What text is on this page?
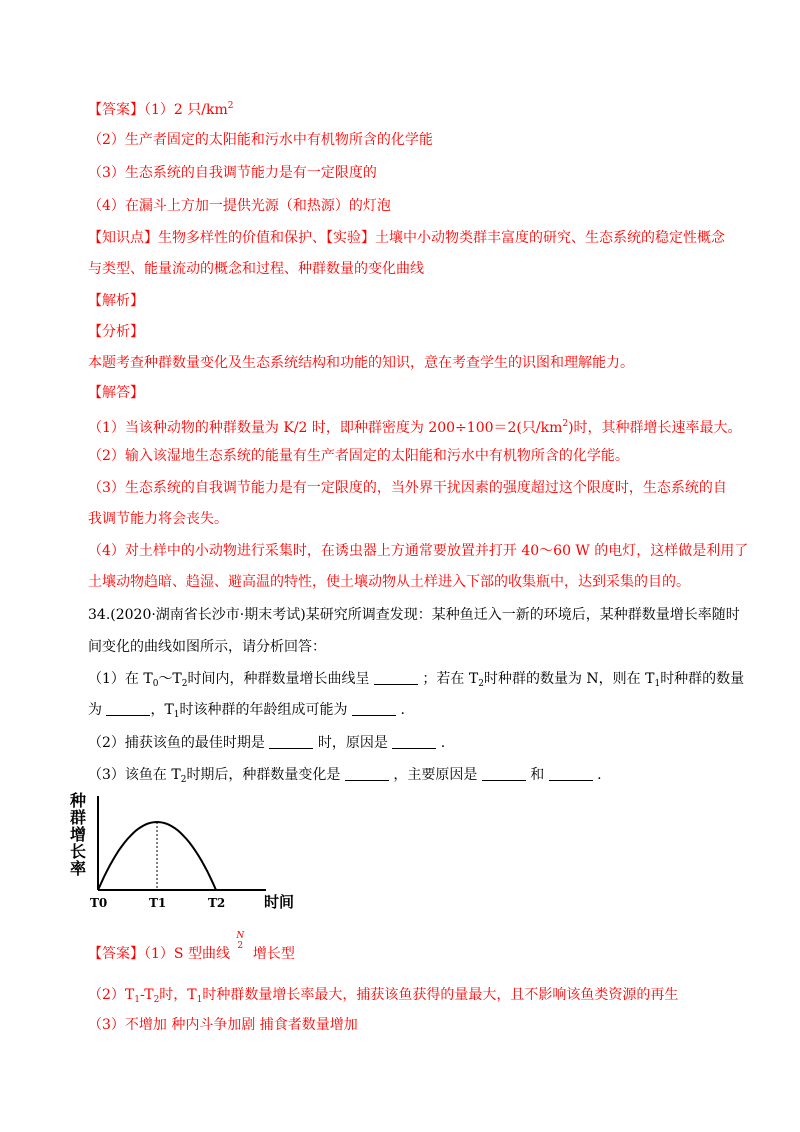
【答案】（1）2 只$/km^2$
（2）生产者固定的太阳能和污水中有机物所含的化学能
（3）生态系统的自我调节能力是有一定限度的
（4）在漏斗上方加一提供光源（和热源）的灯泡
【知识点】生物多样性的价值和保护、【实验】土壤中小动物类群丰富度的研究、生态系统的稳定性概念
与类型、能量流动的概念和过程、种群数量的变化曲线
【解析】
【分析】
本题考查种群数量变化及生态系统结构和功能的知识，意在考查学生的识图和理解能力。
【解答】
（1）当该种动物的种群数量为 K/2 时，即种群密度为 200÷100＝2(只$/km^2$)时，其种群增长速率最大。
（2）输入该湿地生态系统的能量有生产者固定的太阳能和污水中有机物所含的化学能。
（3）生态系统的自我调节能力是有一定限度的，当外界干扰因素的强度超过这个限度时，生态系统的自
我调节能力将会丧失。
（4）对土样中的小动物进行采集时，在诱虫器上方通常要放置并打开 40～60 W 的电灯，这样做是利用了
土壤动物趋暗、趋湿、避高温的特性，使土壤动物从土样进入下部的收集瓶中，达到采集的目的。
34.(2020·湖南省长沙市·期末考试)某研究所调查发现：某种鱼迁入一新的环境后，某种群数量增长率随时
间变化的曲线如图所示，请分析回答：
（1）在 $T_0\sim T_2$时间内，种群数量增长曲线呈	；若在 $T_2$时种群的数量为 N，则在 $T_1$时种群的数量
为	，$T_1$时该种群的年龄组成可能为	.
（2）捕获该鱼的最佳时期是	时，原因是	.
（3）该鱼在 $T_2$时期后，种群数量变化是	，主要原因是	和	.
种
群
增
长
率
T0	T1	T2	时间
【答案】（1）S 型曲线
N
2 增长型
$(2)T_1-T_2$时，$T_1$时种群数量增长率最大，捕获该鱼获得的量最大，且不影响该鱼类资源的再生
（3）不增加 种内斗争加剧 捕食者数量增加
